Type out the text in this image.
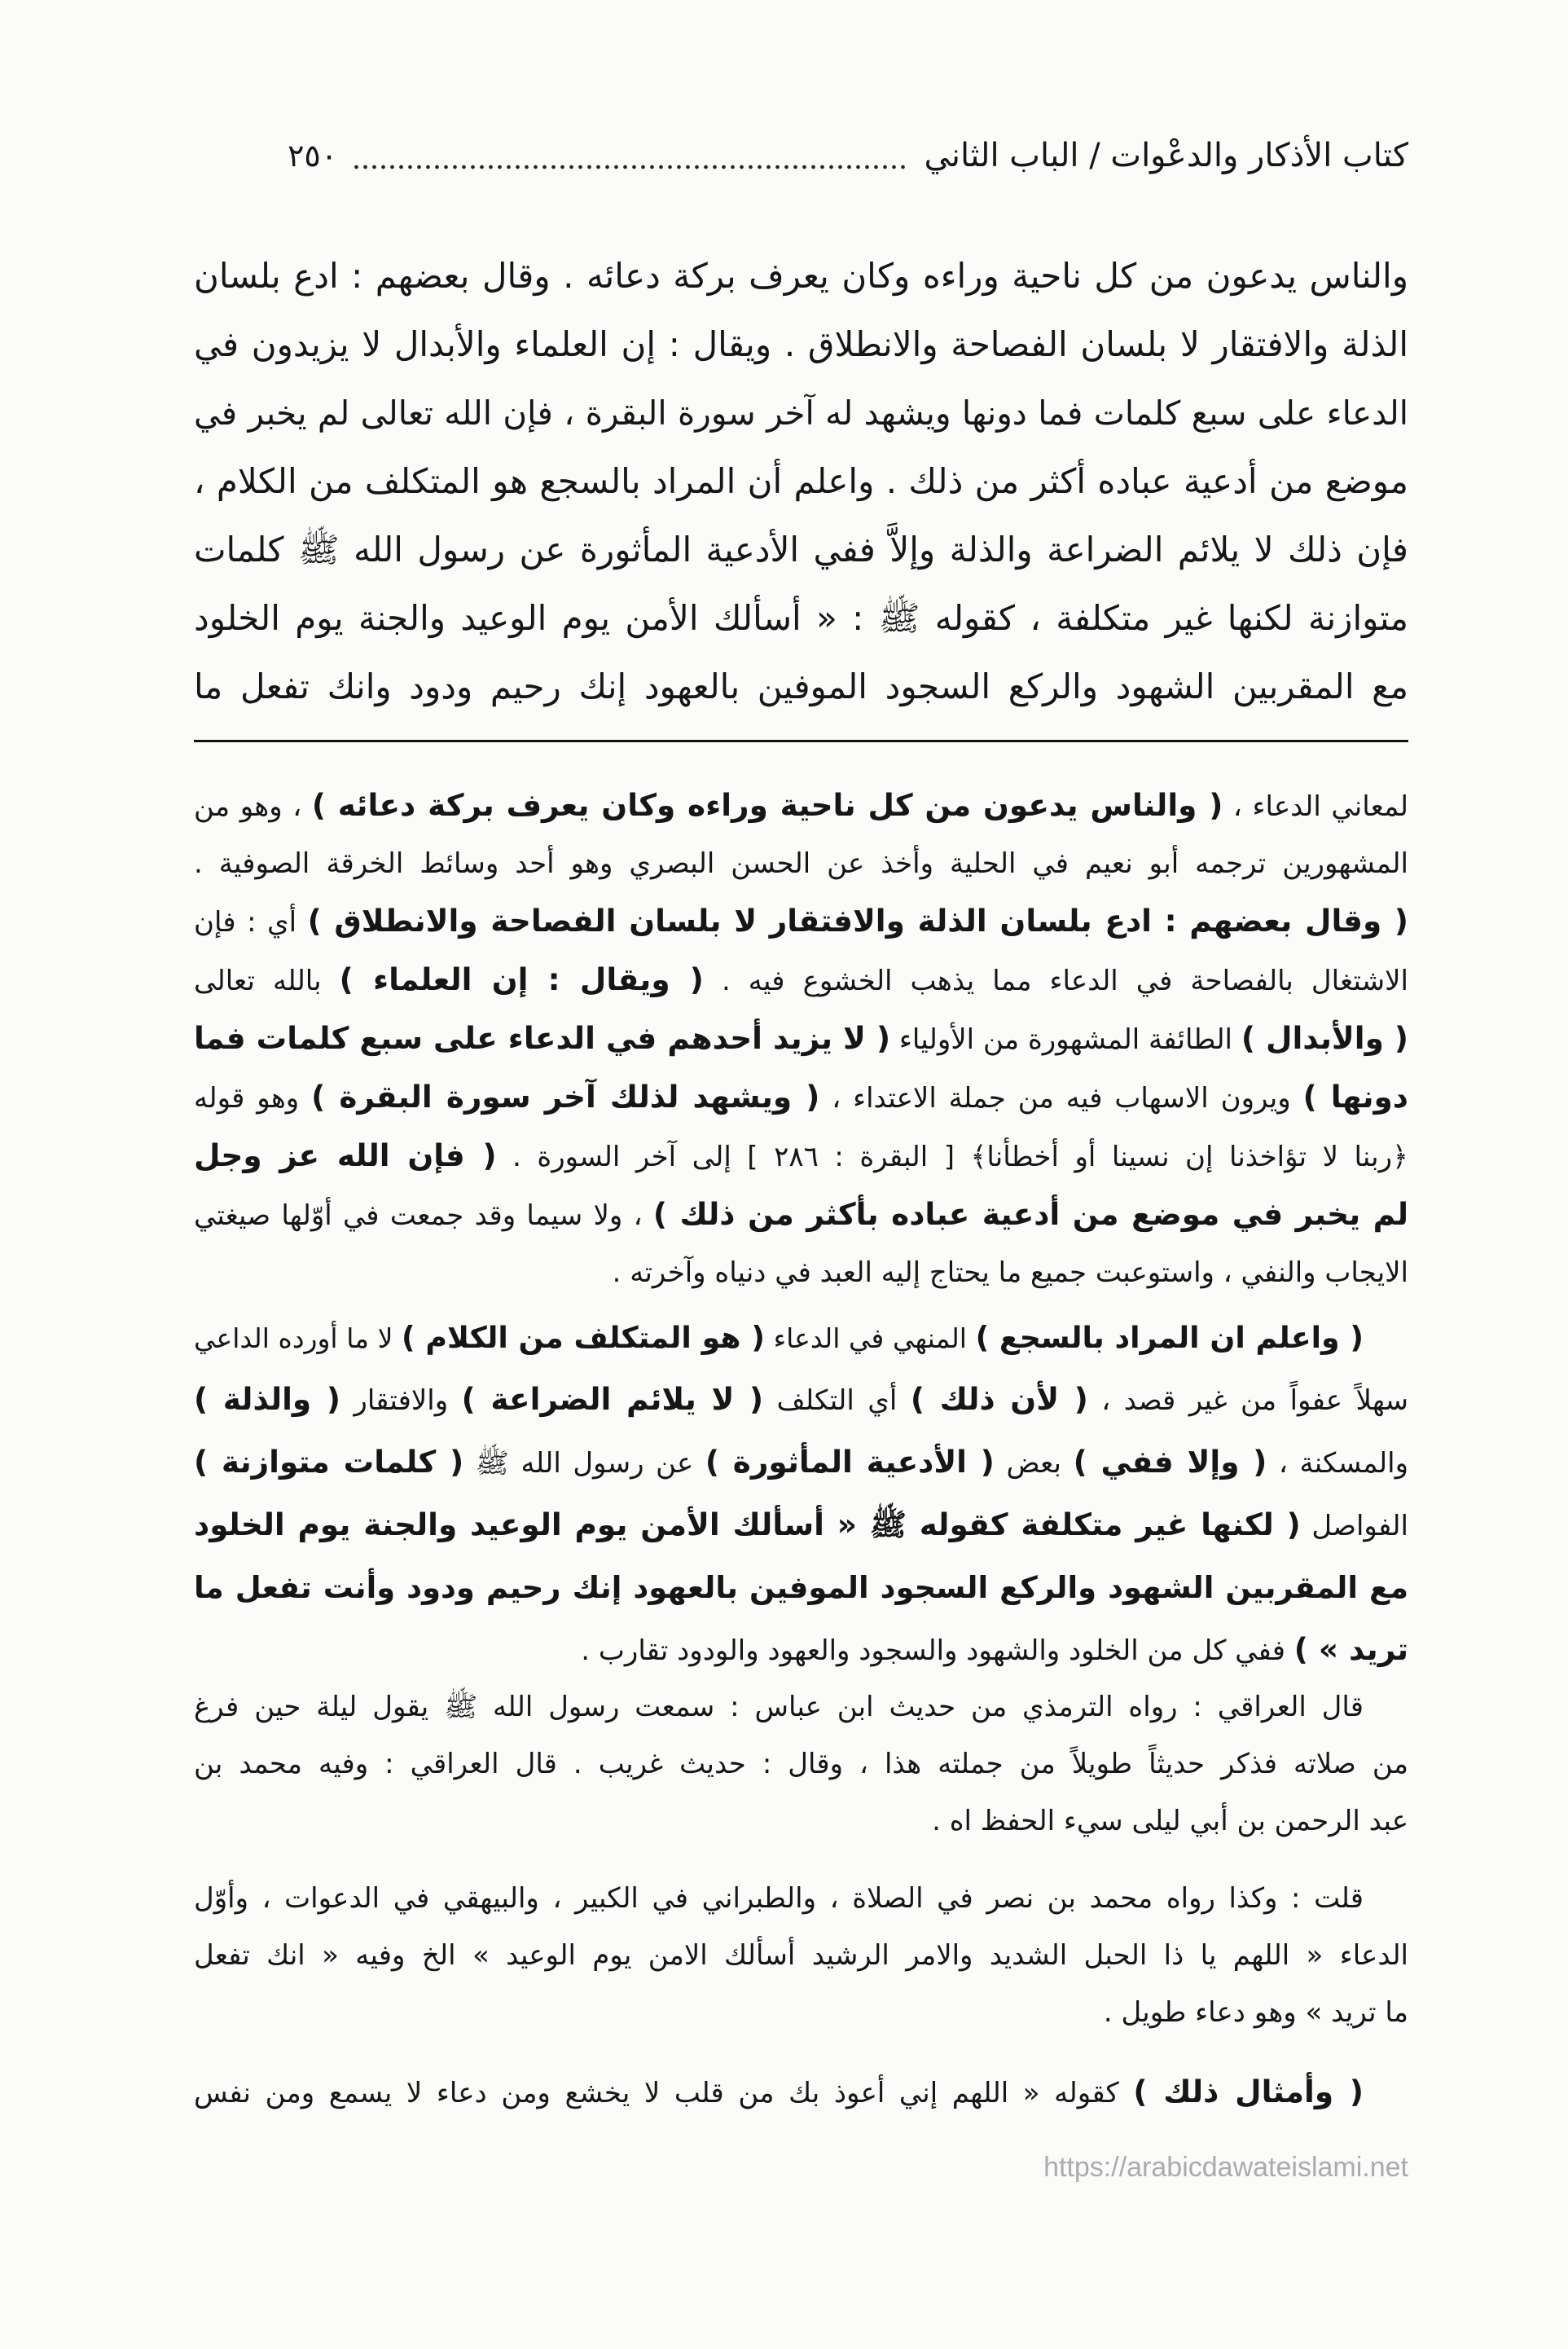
كتاب الأذكار والدعْوات / الباب الثاني
٢٥٠
والناس يدعون من كل ناحية وراءه وكان يعرف بركة دعائه . وقال بعضهم : ادع بلسان
الذلة والافتقار لا بلسان الفصاحة والانطلاق . ويقال : إن العلماء والأبدال لا يزيدون في
الدعاء على سبع كلمات فما دونها ويشهد له آخر سورة البقرة ، فإن الله تعالى لم يخبر في
موضع من أدعية عباده أكثر من ذلك . واعلم أن المراد بالسجع هو المتكلف من الكلام ،
فإن ذلك لا يلائم الضراعة والذلة وإلاَّ ففي الأدعية المأثورة عن رسول الله ﷺ كلمات
متوازنة لكنها غير متكلفة ، كقوله ﷺ : « أسألك الأمن يوم الوعيد والجنة يوم الخلود
مع المقربين الشهود والركع السجود الموفين بالعهود إنك رحيم ودود وانك تفعل ما
لمعاني الدعاء ، ( والناس يدعون من كل ناحية وراءه وكان يعرف بركة دعائه ) ، وهو من
المشهورين ترجمه أبو نعيم في الحلية وأخذ عن الحسن البصري وهو أحد وسائط الخرقة الصوفية .
( وقال بعضهم : ادع بلسان الذلة والافتقار لا بلسان الفصاحة والانطلاق ) أي : فإن
الاشتغال بالفصاحة في الدعاء مما يذهب الخشوع فيه . ( ويقال : إن العلماء ) بالله تعالى
( والأبدال ) الطائفة المشهورة من الأولياء ( لا يزيد أحدهم في الدعاء على سبع كلمات فما
دونها ) ويرون الاسهاب فيه من جملة الاعتداء ، ( ويشهد لذلك آخر سورة البقرة ) وهو قوله
﴿ربنا لا تؤاخذنا إن نسينا أو أخطأنا﴾ [ البقرة : ٢٨٦ ] إلى آخر السورة . ( فإن الله عز وجل
لم يخبر في موضع من أدعية عباده بأكثر من ذلك ) ، ولا سيما وقد جمعت في أوّلها صيغتي
الايجاب والنفي ، واستوعبت جميع ما يحتاج إليه العبد في دنياه وآخرته .
( واعلم ان المراد بالسجع ) المنهي في الدعاء ( هو المتكلف من الكلام ) لا ما أورده الداعي
سهلاً عفواً من غير قصد ، ( لأن ذلك ) أي التكلف ( لا يلائم الضراعة ) والافتقار ( والذلة )
والمسكنة ، ( وإلا ففي ) بعض ( الأدعية المأثورة ) عن رسول الله ﷺ ( كلمات متوازنة )
الفواصل ( لكنها غير متكلفة كقوله ﷺ « أسألك الأمن يوم الوعيد والجنة يوم الخلود
مع المقربين الشهود والركع السجود الموفين بالعهود إنك رحيم ودود وأنت تفعل ما
تريد » ) ففي كل من الخلود والشهود والسجود والعهود والودود تقارب .
قال العراقي : رواه الترمذي من حديث ابن عباس : سمعت رسول الله ﷺ يقول ليلة حين فرغ
من صلاته فذكر حديثاً طويلاً من جملته هذا ، وقال : حديث غريب . قال العراقي : وفيه محمد بن
عبد الرحمن بن أبي ليلى سيء الحفظ اه .
قلت : وكذا رواه محمد بن نصر في الصلاة ، والطبراني في الكبير ، والبيهقي في الدعوات ، وأوّل
الدعاء « اللهم يا ذا الحبل الشديد والامر الرشيد أسألك الامن يوم الوعيد » الخ وفيه « انك تفعل
ما تريد » وهو دعاء طويل .
( وأمثال ذلك ) كقوله « اللهم إني أعوذ بك من قلب لا يخشع ومن دعاء لا يسمع ومن نفس
https://arabicdawateislami.net
